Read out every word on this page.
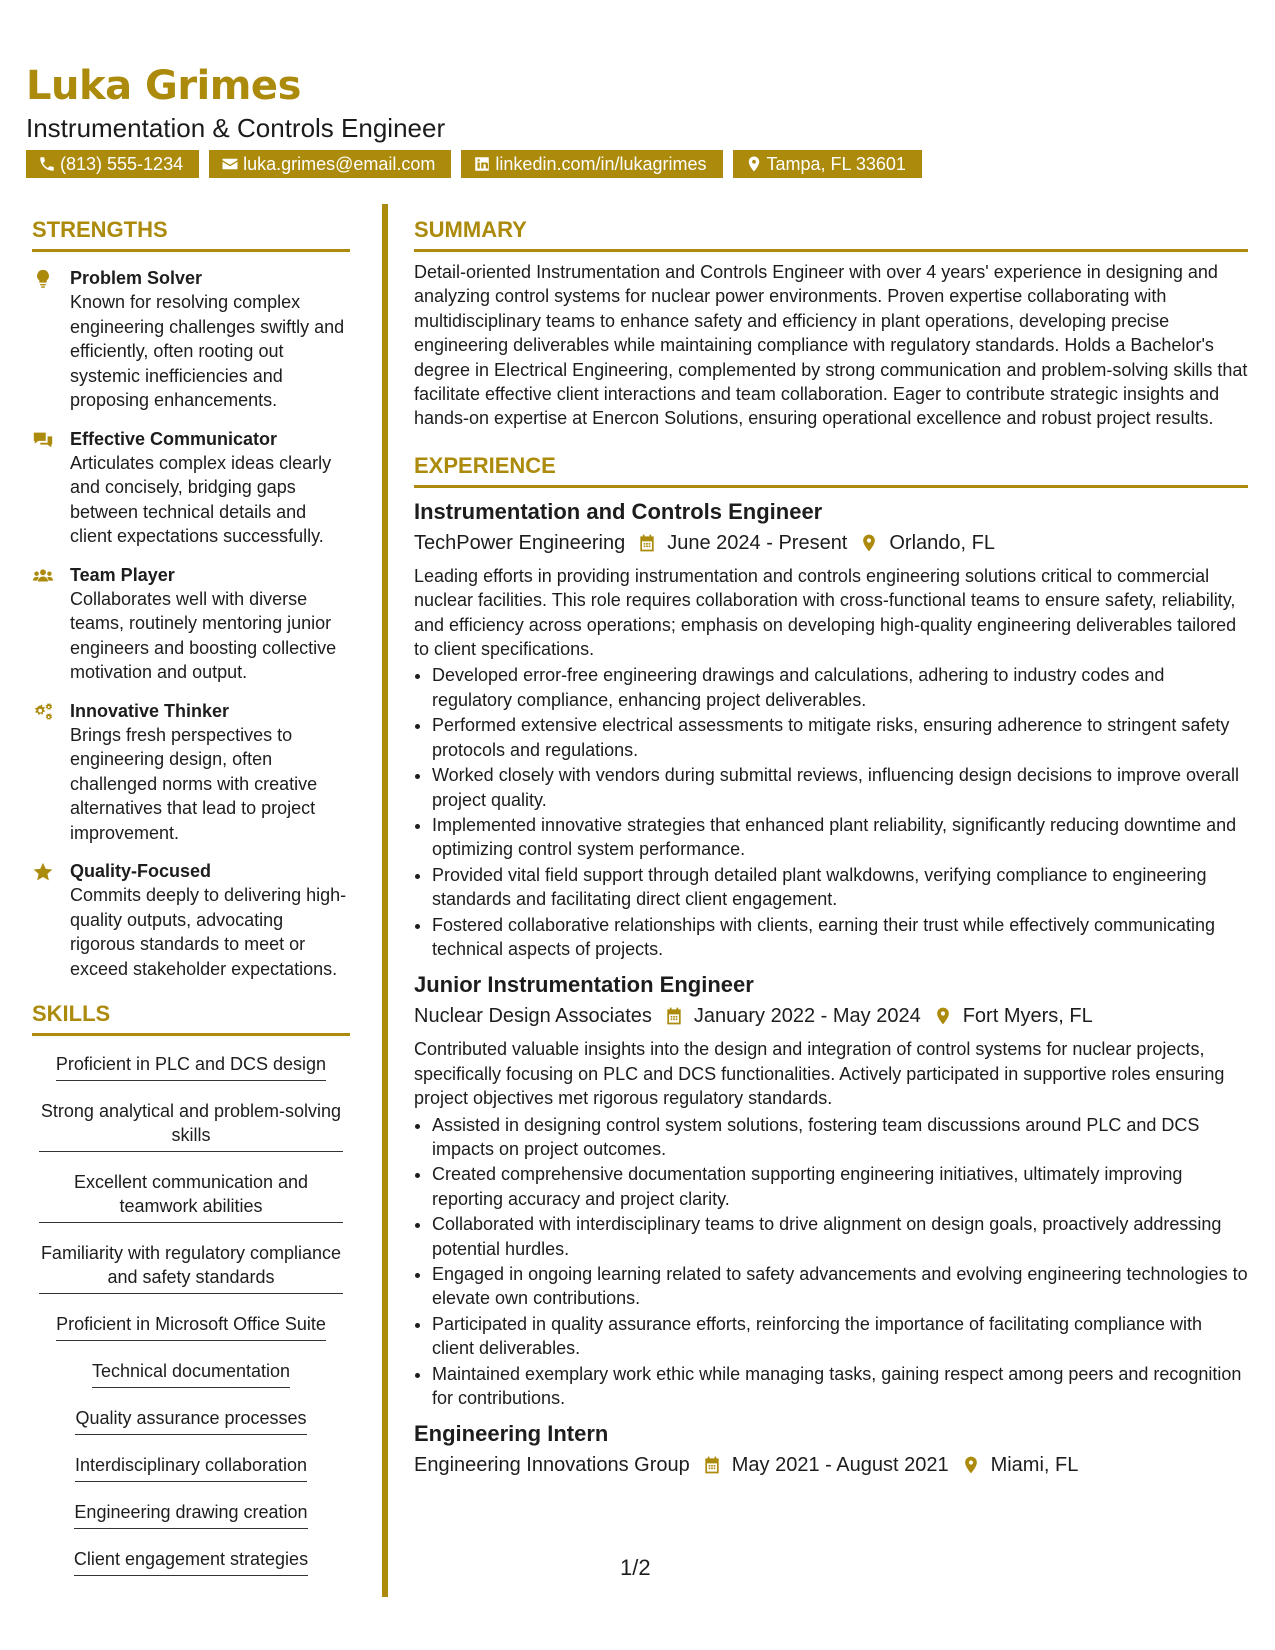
Luka Grimes
Instrumentation & Controls Engineer
(813) 555-1234	luka.grimes@email.com	linkedin.com/in/lukagrimes	Tampa, FL 33601
STRENGTHS
Problem Solver
Known for resolving complex engineering challenges swiftly and efficiently, often rooting out systemic inefficiencies and proposing enhancements.
Effective Communicator
Articulates complex ideas clearly and concisely, bridging gaps between technical details and client expectations successfully.
Team Player
Collaborates well with diverse teams, routinely mentoring junior engineers and boosting collective motivation and output.
Innovative Thinker
Brings fresh perspectives to engineering design, often challenged norms with creative alternatives that lead to project improvement.
Quality-Focused
Commits deeply to delivering high-quality outputs, advocating rigorous standards to meet or exceed stakeholder expectations.
SKILLS
Proficient in PLC and DCS design
Strong analytical and problem-solving skills
Excellent communication and teamwork abilities
Familiarity with regulatory compliance and safety standards
Proficient in Microsoft Office Suite
Technical documentation
Quality assurance processes
Interdisciplinary collaboration
Engineering drawing creation
Client engagement strategies
SUMMARY
Detail-oriented Instrumentation and Controls Engineer with over 4 years' experience in designing and analyzing control systems for nuclear power environments. Proven expertise collaborating with multidisciplinary teams to enhance safety and efficiency in plant operations, developing precise engineering deliverables while maintaining compliance with regulatory standards. Holds a Bachelor's degree in Electrical Engineering, complemented by strong communication and problem-solving skills that facilitate effective client interactions and team collaboration. Eager to contribute strategic insights and hands-on expertise at Enercon Solutions, ensuring operational excellence and robust project results.
EXPERIENCE
Instrumentation and Controls Engineer
TechPower Engineering June 2024 - Present Orlando, FL
Leading efforts in providing instrumentation and controls engineering solutions critical to commercial nuclear facilities. This role requires collaboration with cross-functional teams to ensure safety, reliability, and efficiency across operations; emphasis on developing high-quality engineering deliverables tailored to client specifications.
• Developed error-free engineering drawings and calculations, adhering to industry codes and regulatory compliance, enhancing project deliverables.
• Performed extensive electrical assessments to mitigate risks, ensuring adherence to stringent safety protocols and regulations.
• Worked closely with vendors during submittal reviews, influencing design decisions to improve overall project quality.
• Implemented innovative strategies that enhanced plant reliability, significantly reducing downtime and optimizing control system performance.
• Provided vital field support through detailed plant walkdowns, verifying compliance to engineering standards and facilitating direct client engagement.
• Fostered collaborative relationships with clients, earning their trust while effectively communicating technical aspects of projects.
Junior Instrumentation Engineer
Nuclear Design Associates January 2022 - May 2024 Fort Myers, FL
Contributed valuable insights into the design and integration of control systems for nuclear projects, specifically focusing on PLC and DCS functionalities. Actively participated in supportive roles ensuring project objectives met rigorous regulatory standards.
• Assisted in designing control system solutions, fostering team discussions around PLC and DCS impacts on project outcomes.
• Created comprehensive documentation supporting engineering initiatives, ultimately improving reporting accuracy and project clarity.
• Collaborated with interdisciplinary teams to drive alignment on design goals, proactively addressing potential hurdles.
• Engaged in ongoing learning related to safety advancements and evolving engineering technologies to elevate own contributions.
• Participated in quality assurance efforts, reinforcing the importance of facilitating compliance with client deliverables.
• Maintained exemplary work ethic while managing tasks, gaining respect among peers and recognition for contributions.
Engineering Intern
Engineering Innovations Group May 2021 - August 2021 Miami, FL
1/2
